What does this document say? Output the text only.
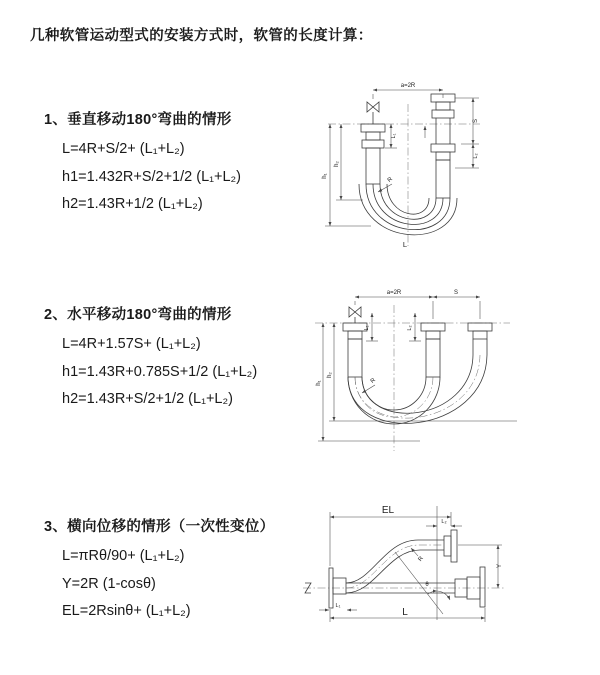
几种软管运动型式的安装方式时，软管的长度计算：
1、垂直移动180°弯曲的情形
L=4R+S/2+ (L₁+L₂)
h1=1.432R+S/2+1/2 (L₁+L₂)
h2=1.43R+1/2 (L₁+L₂)
2、水平移动180°弯曲的情形
L=4R+1.57S+ (L₁+L₂)
h1=1.43R+0.785S+1/2 (L₁+L₂)
h2=1.43R+S/2+1/2 (L₁+L₂)
3、横向位移的情形（一次性变位）
L=πRθ/90+ (L₁+L₂)
Y=2R (1-cosθ)
EL=2Rsinθ+ (L₁+L₂)
a=2R
h₁
h₂
L₁
S
L₂
R
L
a=2R	S
L₁	L₂
h₁
h₂
R
EL
L₂
Y
L₁
L
R
θ
